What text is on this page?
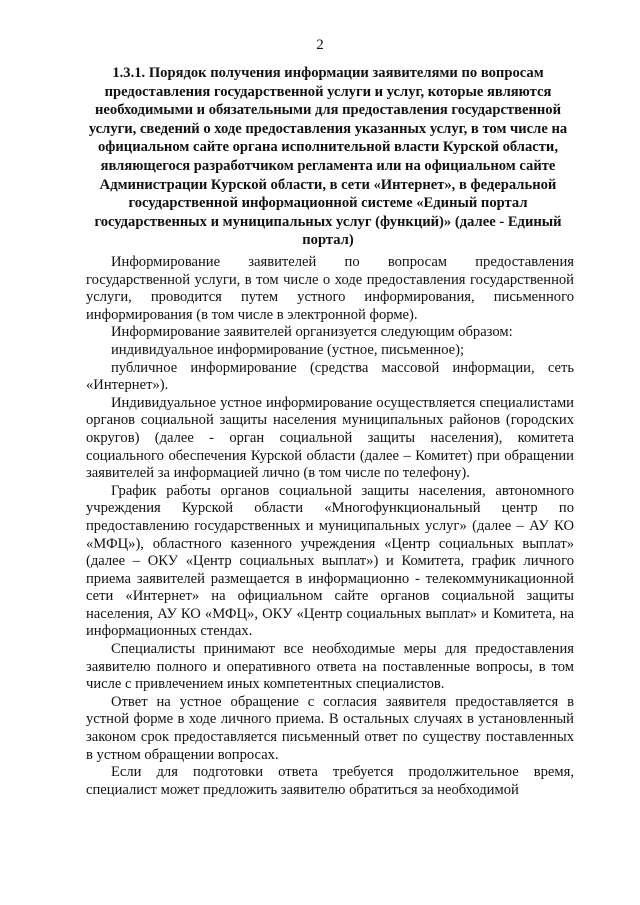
2
1.3.1. Порядок получения информации заявителями по вопросам предоставления государственной услуги и услуг, которые являются необходимыми и обязательными для предоставления государственной услуги, сведений о ходе предоставления указанных услуг, в том числе на официальном сайте органа исполнительной власти Курской области, являющегося разработчиком регламента или на официальном сайте Администрации Курской области, в сети «Интернет», в федеральной государственной информационной системе «Единый портал государственных и муниципальных услуг (функций)» (далее - Единый портал)

Информирование заявителей по вопросам предоставления государственной услуги, в том числе о ходе предоставления государственной услуги, проводится путем устного информирования, письменного информирования (в том числе в электронной форме).

Информирование заявителей организуется следующим образом:

индивидуальное информирование (устное, письменное);

публичное информирование (средства массовой информации, сеть «Интернет»).

Индивидуальное устное информирование осуществляется специалистами органов социальной защиты населения муниципальных районов (городских округов) (далее - орган социальной защиты населения), комитета социального обеспечения Курской области (далее – Комитет) при обращении заявителей за информацией лично (в том числе по телефону).

График работы органов социальной защиты населения, автономного учреждения Курской области «Многофункциональный центр по предоставлению государственных и муниципальных услуг» (далее – АУ КО «МФЦ»), областного казенного учреждения «Центр социальных выплат» (далее – ОКУ «Центр социальных выплат») и Комитета, график личного приема заявителей размещается в информационно - телекоммуникационной сети «Интернет» на официальном сайте органов социальной защиты населения, АУ КО «МФЦ», ОКУ «Центр социальных выплат» и Комитета, на информационных стендах.

Специалисты принимают все необходимые меры для предоставления заявителю полного и оперативного ответа на поставленные вопросы, в том числе с привлечением иных компетентных специалистов.

Ответ на устное обращение с согласия заявителя предоставляется в устной форме в ходе личного приема. В остальных случаях в установленный законом срок предоставляется письменный ответ по существу поставленных в устном обращении вопросах.

Если для подготовки ответа требуется продолжительное время, специалист может предложить заявителю обратиться за необходимой
